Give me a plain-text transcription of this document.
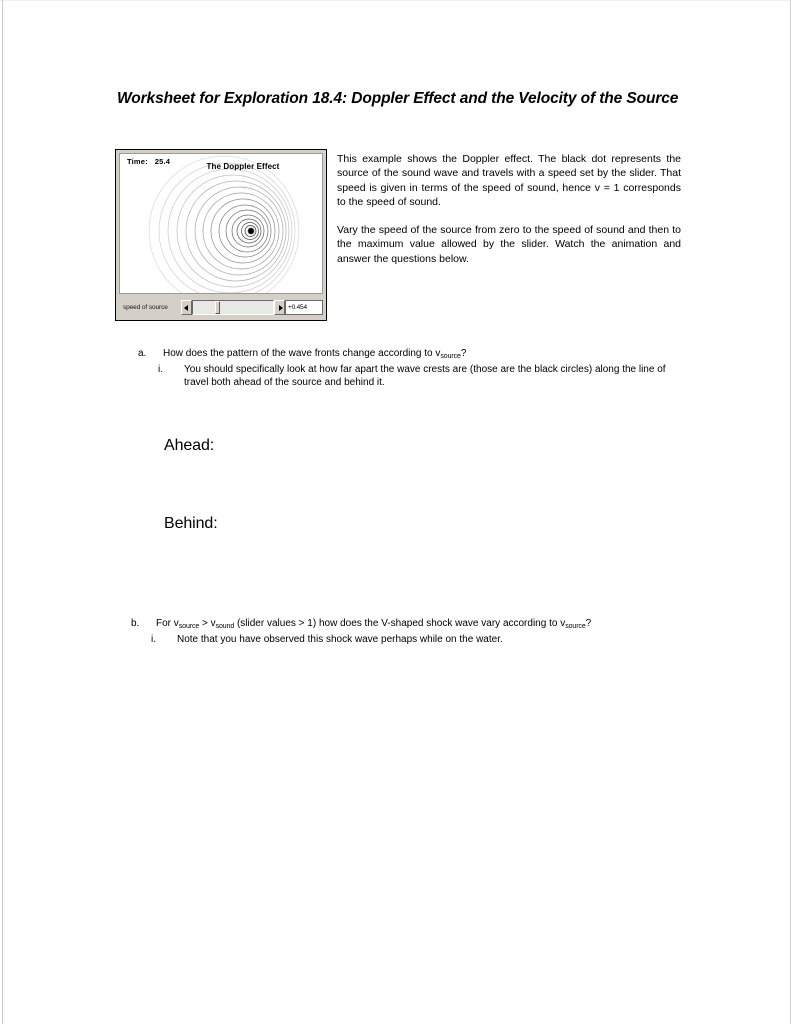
Worksheet for Exploration 18.4: Doppler Effect and the Velocity of the Source
Time: 25.4
The Doppler Effect
speed of source	+0.454

This example shows the Doppler effect. The black dot represents the source of the sound wave and travels with a speed set by the slider. That speed is given in terms of the speed of sound, hence v = 1 corresponds to the speed of sound.

Vary the speed of the source from zero to the speed of sound and then to the maximum value allowed by the slider. Watch the animation and answer the questions below.

a.	How does the pattern of the wave fronts change according to $v_{source}$?
i.	You should specifically look at how far apart the wave crests are (those are the black circles) along the line of travel both ahead of the source and behind it.
Ahead:
Behind:
b.	For $v_{source} > v_{sound}$ (slider values > 1) how does the V-shaped shock wave vary according to $v_{source}$?
i.	Note that you have observed this shock wave perhaps while on the water.
